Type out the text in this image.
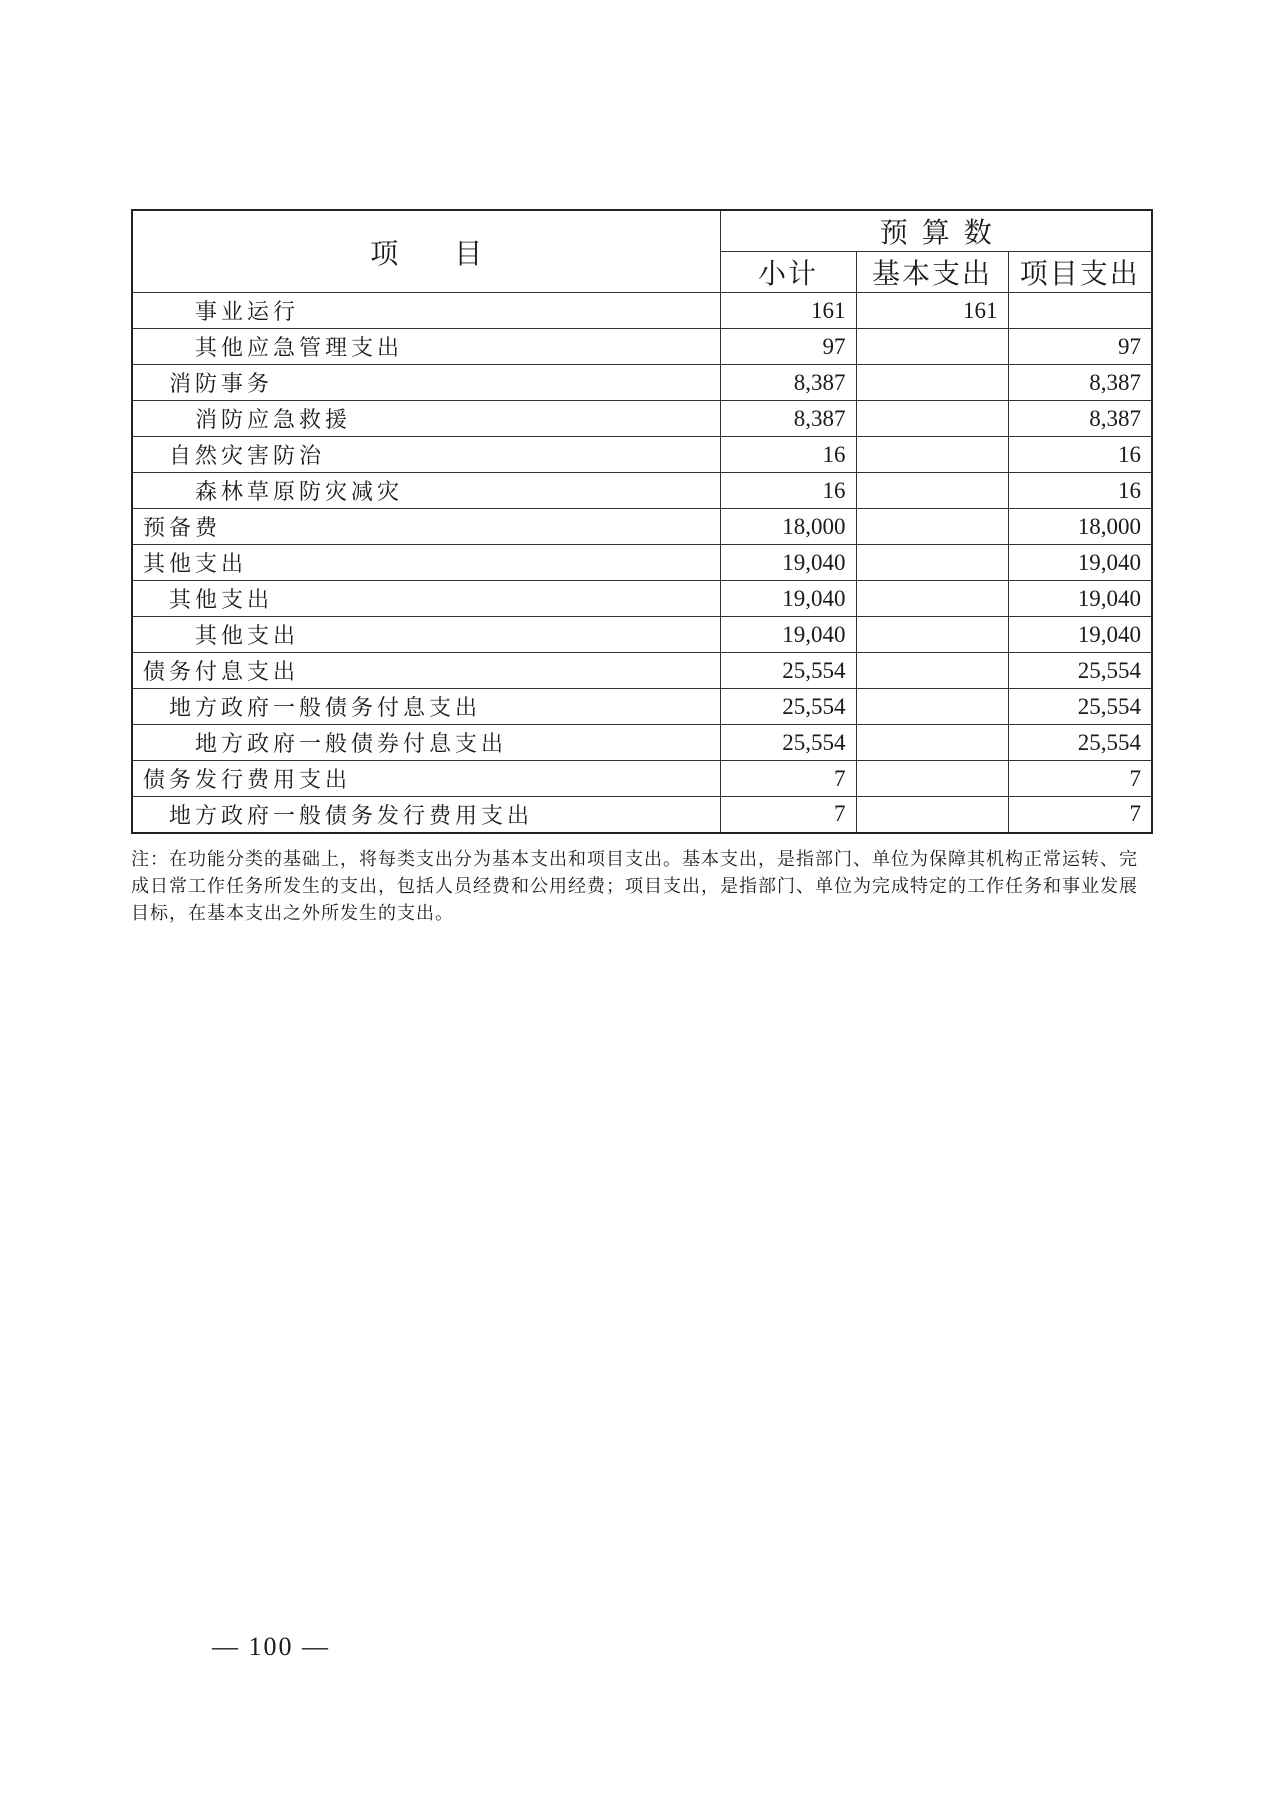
项 目	预算数		
	小计	基本支出	项目支出
事业运行	161	161	
其他应急管理支出	97		97
消防事务	8,387		8,387
消防应急救援	8,387		8,387
自然灾害防治	16		16
森林草原防灾减灾	16		16
预备费	18,000		18,000
其他支出	19,040		19,040
其他支出	19,040		19,040
其他支出	19,040		19,040
债务付息支出	25,554		25,554
地方政府一般债务付息支出	25,554		25,554
地方政府一般债券付息支出	25,554		25,554
债务发行费用支出	7		7
地方政府一般债务发行费用支出	7		7
注：在功能分类的基础上，将每类支出分为基本支出和项目支出。基本支出，是指部门、单位为保障其机构正常运转、完成日常工作任务所发生的支出，包括人员经费和公用经费；项目支出，是指部门、单位为完成特定的工作任务和事业发展目标，在基本支出之外所发生的支出。
— 100 —
